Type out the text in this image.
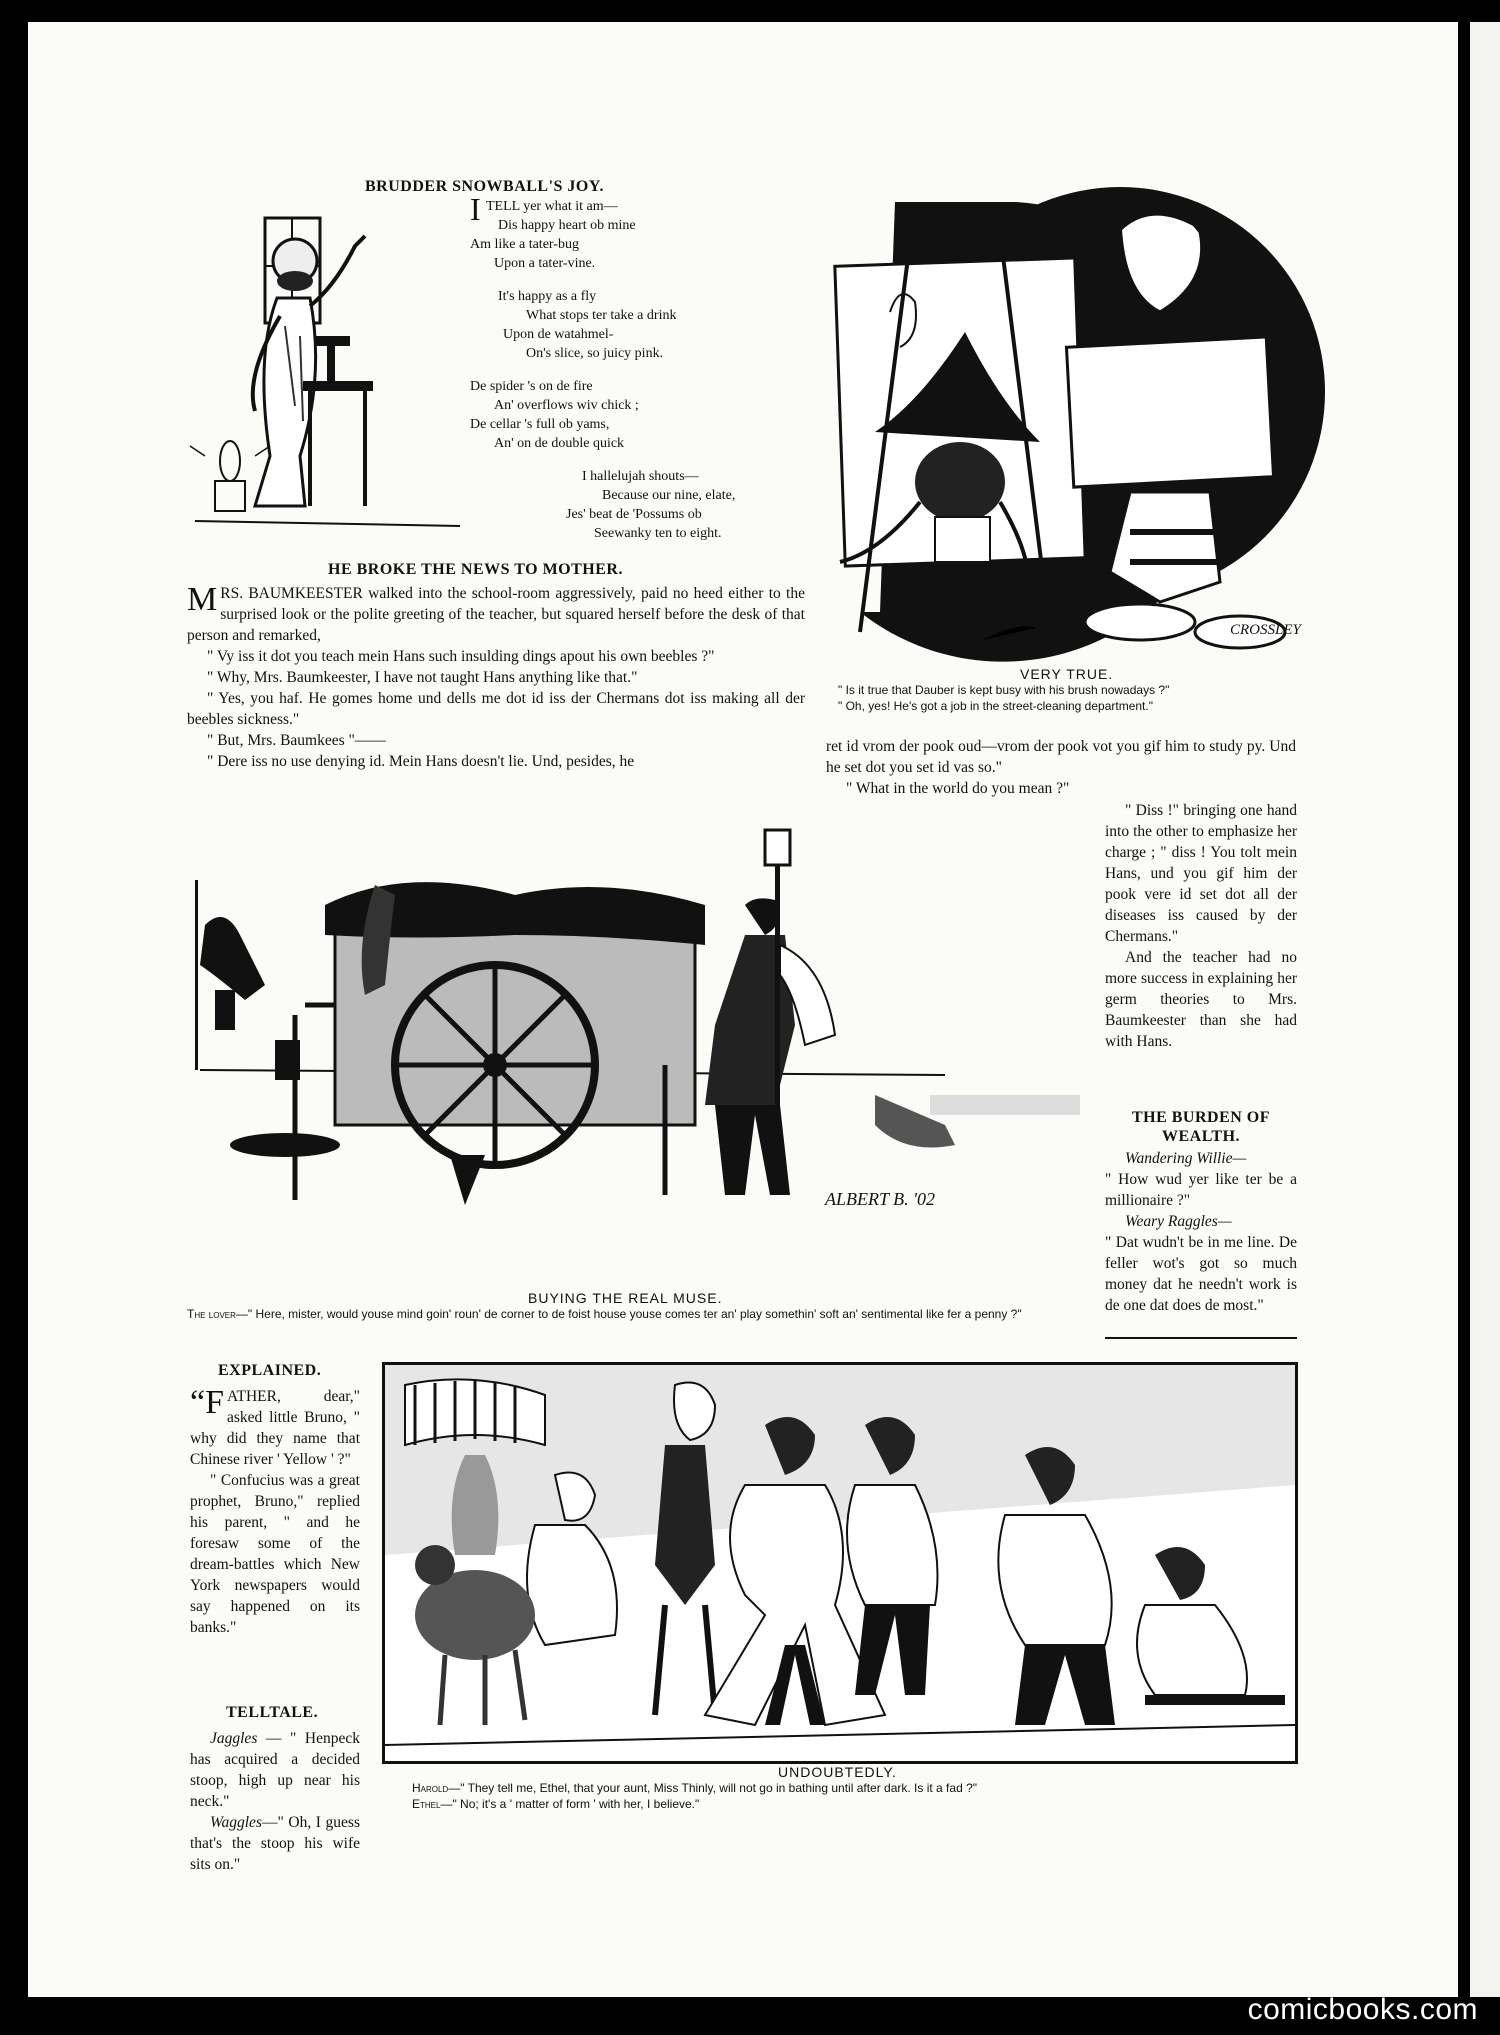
BRUDDER SNOWBALL'S JOY.
I TELL yer what it am—
Dis happy heart ob mine
Am like a tater-bug
Upon a tater-vine.
It's happy as a fly
What stops ter take a drink
Upon de watahmel-
On's slice, so juicy pink.
De spider 's on de fire
An' overflows wiv chick ;
De cellar 's full ob yams,
An' on de double quick
I hallelujah shouts—
Because our nine, elate,
Jes' beat de 'Possums ob
Seewanky ten to eight.
CROSSLEY
VERY TRUE.
" Is it true that Dauber is kept busy with his brush nowadays ?"
" Oh, yes! He's got a job in the street-cleaning department."
HE BROKE THE NEWS TO MOTHER.

MRS. BAUMKEESTER walked into the school-room aggressively, paid no heed either to the surprised look or the polite greeting of the teacher, but squared herself before the desk of that person and remarked,

" Vy iss it dot you teach mein Hans such insulding dings apout his own beebles ?"

" Why, Mrs. Baumkeester, I have not taught Hans anything like that."

" Yes, you haf. He gomes home und dells me dot id iss der Chermans dot iss making all der beebles sickness."

" But, Mrs. Baumkees "——

" Dere iss no use denying id. Mein Hans doesn't lie. Und, pesides, he

ret id vrom der pook oud—vrom der pook vot you gif him to study py. Und he set dot you set id vas so."

" What in the world do you mean ?"

" Diss !" bringing one hand into the other to emphasize her charge ; " diss ! You tolt mein Hans, und you gif him der pook vere id set dot all der diseases iss caused by der Chermans."

And the teacher had no more success in explaining her germ theories to Mrs. Baumkeester than she had with Hans.

ALBERT B. '02
BUYING THE REAL MUSE.
The lover—" Here, mister, would youse mind goin' roun' de corner to de foist house youse comes ter an' play somethin' soft an' sentimental like fer a penny ?"
THE BURDEN OF WEALTH.

Wandering Willie—

" How wud yer like ter be a millionaire ?"

Weary Raggles—

" Dat wudn't be in me line. De feller wot's got so much money dat he needn't work is de one dat does de most."

EXPLAINED.

“FATHER, dear," asked little Bruno, " why did they name that Chinese river ' Yellow ' ?"

" Confucius was a great prophet, Bruno," replied his parent, " and he foresaw some of the dream-battles which New York newspapers would say happened on its banks."

TELLTALE.

Jaggles — " Henpeck has acquired a decided stoop, high up near his neck."

Waggles—" Oh, I guess that's the stoop his wife sits on."

UNDOUBTEDLY.
Harold—" They tell me, Ethel, that your aunt, Miss Thinly, will not go in bathing until after dark. Is it a fad ?"
Ethel—" No; it's a ' matter of form ' with her, I believe."
comicbooks.com
